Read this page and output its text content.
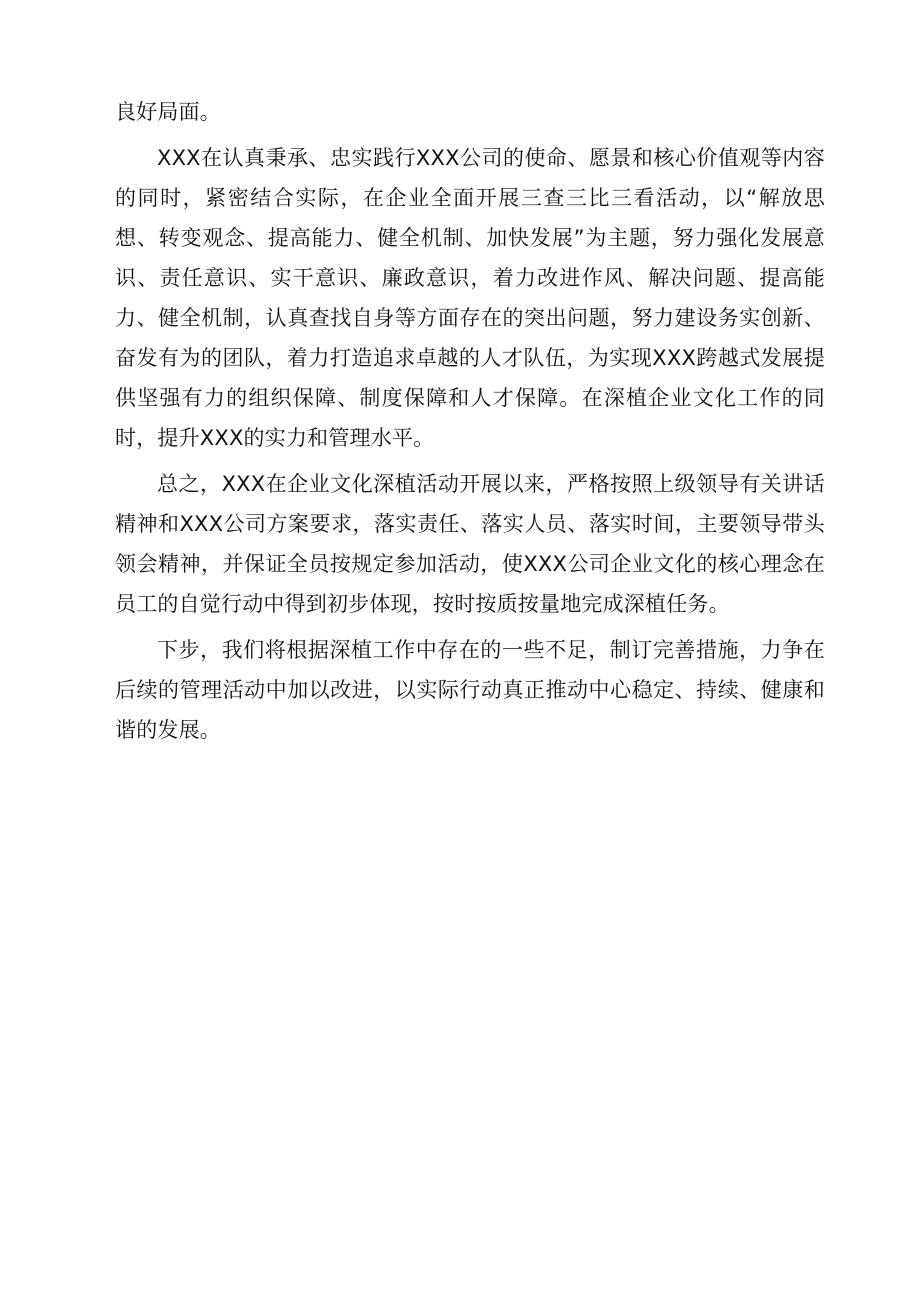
良好局面。

XXX在认真秉承、忠实践行XXX公司的使命、愿景和核心价值观等内容的同时，紧密结合实际，在企业全面开展三查三比三看活动，以“解放思想、转变观念、提高能力、健全机制、加快发展”为主题，努力强化发展意识、责任意识、实干意识、廉政意识，着力改进作风、解决问题、提高能力、健全机制，认真查找自身等方面存在的突出问题，努力建设务实创新、奋发有为的团队，着力打造追求卓越的人才队伍，为实现XXX跨越式发展提供坚强有力的组织保障、制度保障和人才保障。在深植企业文化工作的同时，提升XXX的实力和管理水平。

总之，XXX在企业文化深植活动开展以来，严格按照上级领导有关讲话精神和XXX公司方案要求，落实责任、落实人员、落实时间，主要领导带头领会精神，并保证全员按规定参加活动，使XXX公司企业文化的核心理念在员工的自觉行动中得到初步体现，按时按质按量地完成深植任务。

下步，我们将根据深植工作中存在的一些不足，制订完善措施，力争在后续的管理活动中加以改进，以实际行动真正推动中心稳定、持续、健康和谐的发展。
